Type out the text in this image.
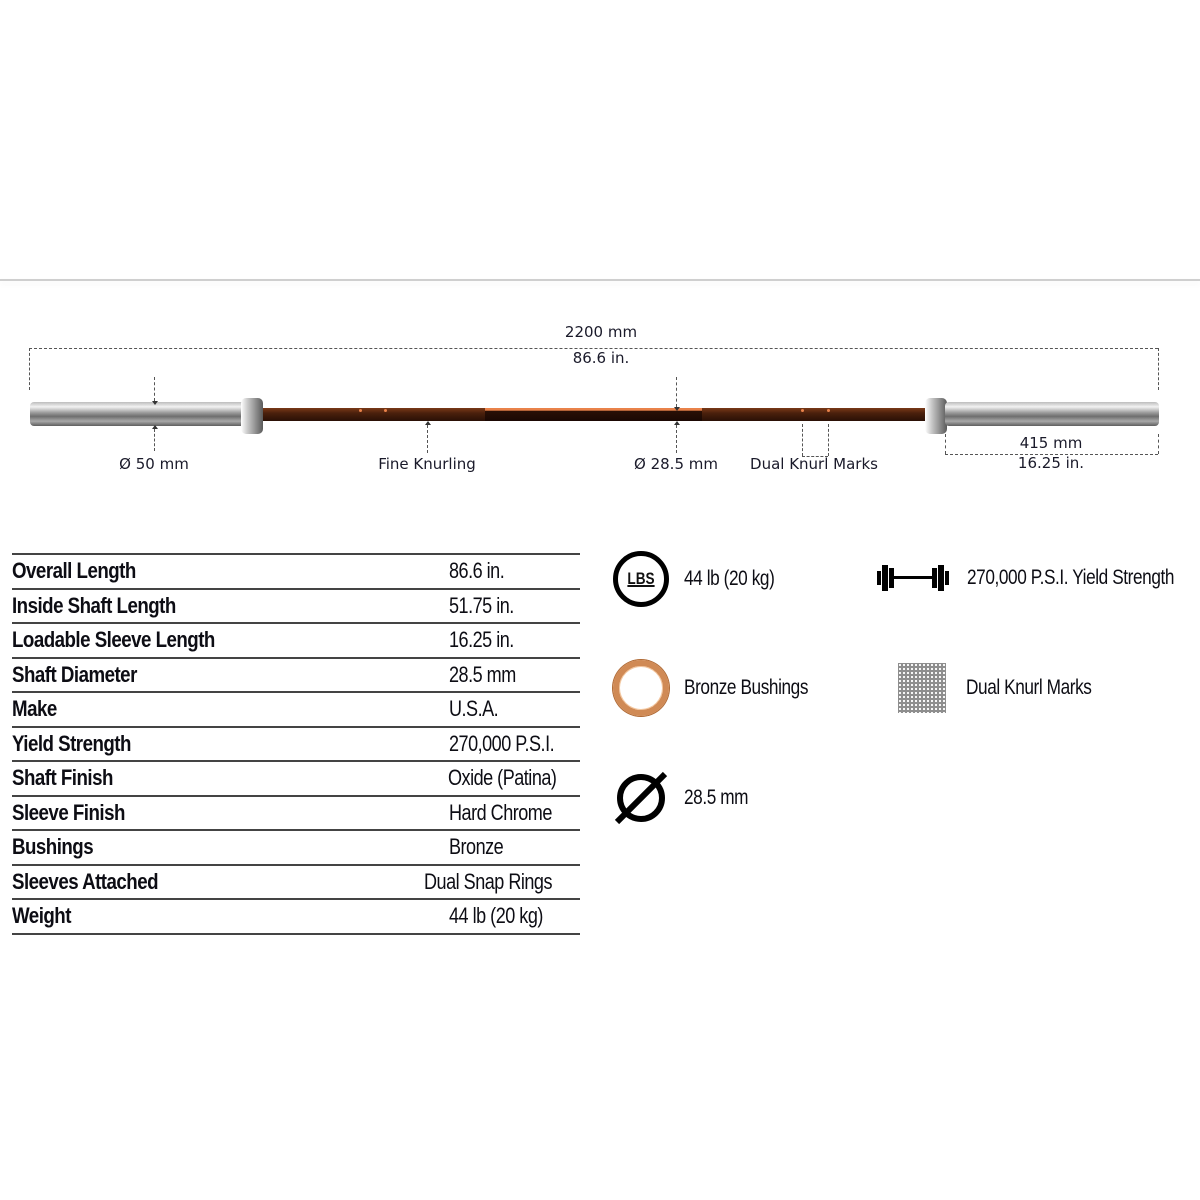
2200 mm
86.6 in.
Ø 50 mm	Fine Knurling	Ø 28.5 mm Dual Knurl Marks
415 mm
16.25 in.
Overall Length	86.6 in.
Inside Shaft Length	51.75 in.
Loadable Sleeve Length	16.25 in.
Shaft Diameter	28.5 mm
Make	U.S.A.
Yield Strength	270,000 P.S.I.
Shaft Finish	Oxide (Patina)
Sleeve Finish	Hard Chrome
Bushings	Bronze
Sleeves Attached	Dual Snap Rings
Weight	44 lb (20 kg)
LBS 44 lb (20 kg)	270,000 P.S.I. Yield Strength
Bronze Bushings	Dual Knurl Marks
28.5 mm
